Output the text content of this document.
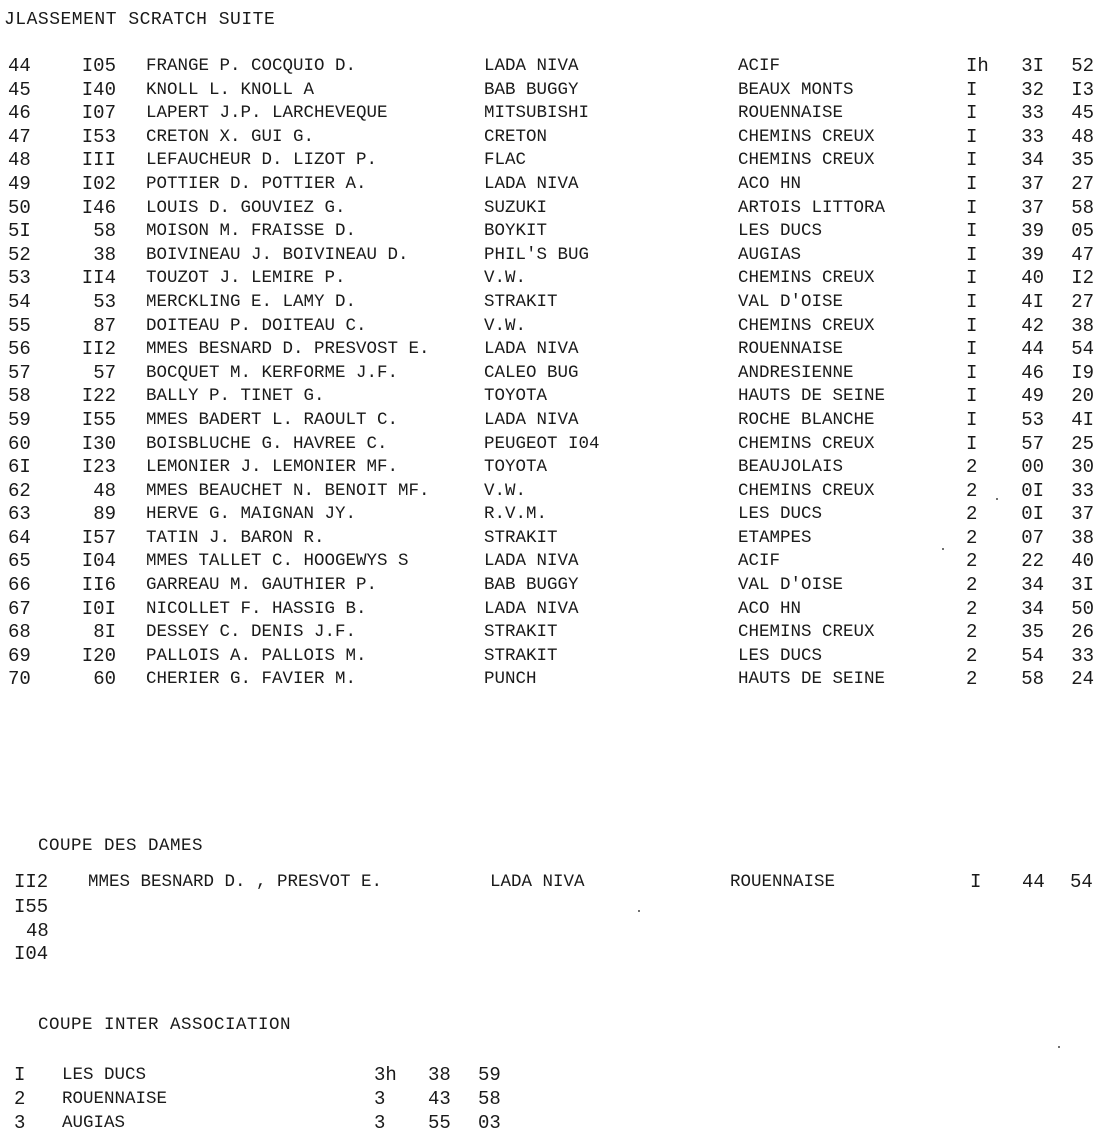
JLASSEMENT SCRATCH SUITE
44	I05 FRANGE P. COCQUIO D.	LADA NIVA	ACIF	Ih 3I 52
45	I40 KNOLL L. KNOLL A	BAB BUGGY	BEAUX MONTS	I 32 I3
46	I07 LAPERT J.P. LARCHEVEQUE	MITSUBISHI	ROUENNAISE	I 33 45
47	I53 CRETON X. GUI G.	CRETON	CHEMINS CREUX	I 33 48
48	III LEFAUCHEUR D. LIZOT P.	FLAC	CHEMINS CREUX	I 34 35
49	I02 POTTIER D. POTTIER A.	LADA NIVA	ACO HN	I 37 27
50	I46 LOUIS D. GOUVIEZ G.	SUZUKI	ARTOIS LITTORA	I 37 58
5I	58 MOISON M. FRAISSE D.	BOYKIT	LES DUCS	I 39 05
52	38 BOIVINEAU J. BOIVINEAU D.	PHIL'S BUG	AUGIAS	I 39 47
53	II4 TOUZOT J. LEMIRE P.	V.W.	CHEMINS CREUX	I 40 I2
54	53 MERCKLING E. LAMY D.	STRAKIT	VAL D'OISE	I 4I 27
55	87 DOITEAU P. DOITEAU C.	V.W.	CHEMINS CREUX	I 42 38
56	II2 MMES BESNARD D. PRESVOST E.	LADA NIVA	ROUENNAISE	I 44 54
57	57 BOCQUET M. KERFORME J.F.	CALEO BUG	ANDRESIENNE	I 46 I9
58	I22 BALLY P. TINET G.	TOYOTA	HAUTS DE SEINE	I 49 20
59	I55 MMES BADERT L. RAOULT C.	LADA NIVA	ROCHE BLANCHE	I 53 4I
60	I30 BOISBLUCHE G. HAVREE C.	PEUGEOT I04	CHEMINS CREUX	I 57 25
6I	I23 LEMONIER J. LEMONIER MF.	TOYOTA	BEAUJOLAIS	2 00 30
62	48 MMES BEAUCHET N. BENOIT MF.	V.W.	CHEMINS CREUX	2 0I 33
63	89 HERVE G. MAIGNAN JY.	R.V.M.	LES DUCS	2 0I 37
64	I57 TATIN J. BARON R.	STRAKIT	ETAMPES	2 07 38
65	I04 MMES TALLET C. HOOGEWYS S	LADA NIVA	ACIF	2 22 40
66	II6 GARREAU M. GAUTHIER P.	BAB BUGGY	VAL D'OISE	2 34 3I
67	I0I NICOLLET F. HASSIG B.	LADA NIVA	ACO HN	2 34 50
68	8I DESSEY C. DENIS J.F.	STRAKIT	CHEMINS CREUX	2 35 26
69	I20 PALLOIS A. PALLOIS M.	STRAKIT	LES DUCS	2 54 33
70	60 CHERIER G. FAVIER M.	PUNCH	HAUTS DE SEINE	2 58 24
COUPE DES DAMES
II2 MMES BESNARD D. , PRESVOT E.	LADA NIVA	ROUENNAISE	I 44 54
I55
48
I04
COUPE INTER ASSOCIATION
I LES DUCS	3h 38 59
2 ROUENNAISE	3 43 58
3 AUGIAS	3 55 03
